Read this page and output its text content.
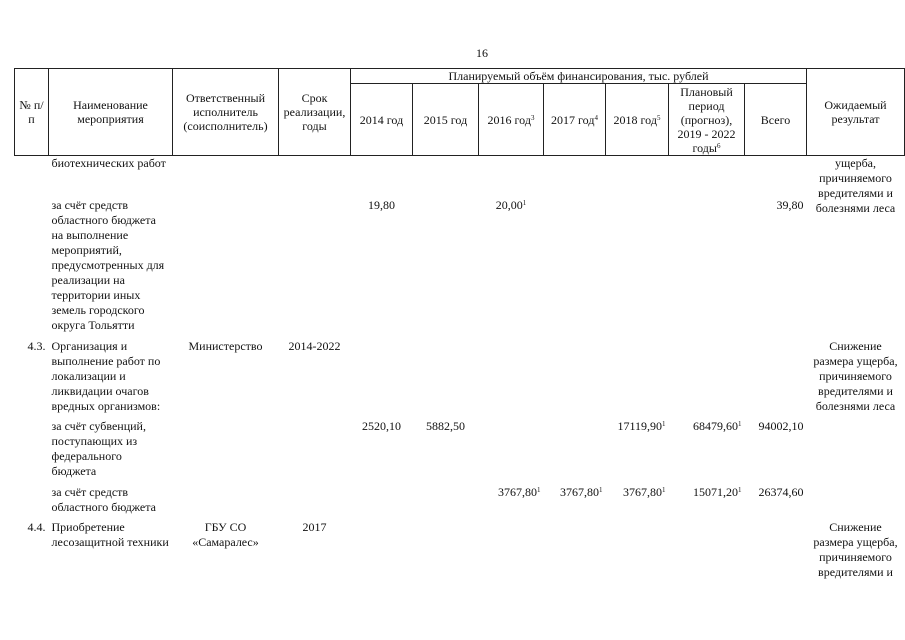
16
№ п/п	Наименование мероприятия	Ответственный исполнитель (соисполнитель)	Срок реализации, годы	Планируемый объём финансирования, тыс. рублей							Ожидаемый результат
				2014 год	2015 год	2016 год$^3$	2017 год$^4$	2018 год$^5$	Плановый период (прогноз), 2019 - 2022 годы$^6$	Всего	
	биотехнических работ										ущерба, причиняемого вредителями и болезнями леса
	за счёт средств областного бюджета на выполнение мероприятий, предусмотренных для реализации на территории иных земель городского округа Тольятти			19,80		20,00$^1$				39,80	
4.3.	Организация и выполнение работ по локализации и ликвидации очагов вредных организмов:	Министерство	2014-2022								Снижение размера ущерба, причиняемого вредителями и болезнями леса
	за счёт субвенций, поступающих из федерального бюджета			2520,10	5882,50			17119,90$^1$	68479,60$^1$	94002,10	
	за счёт средств областного бюджета					3767,80$^1$	3767,80$^1$	3767,80$^1$	15071,20$^1$	26374,60	
4.4.	Приобретение лесозащитной техники	ГБУ СО «Самаралес»	2017								Снижение размера ущерба, причиняемого вредителями и
